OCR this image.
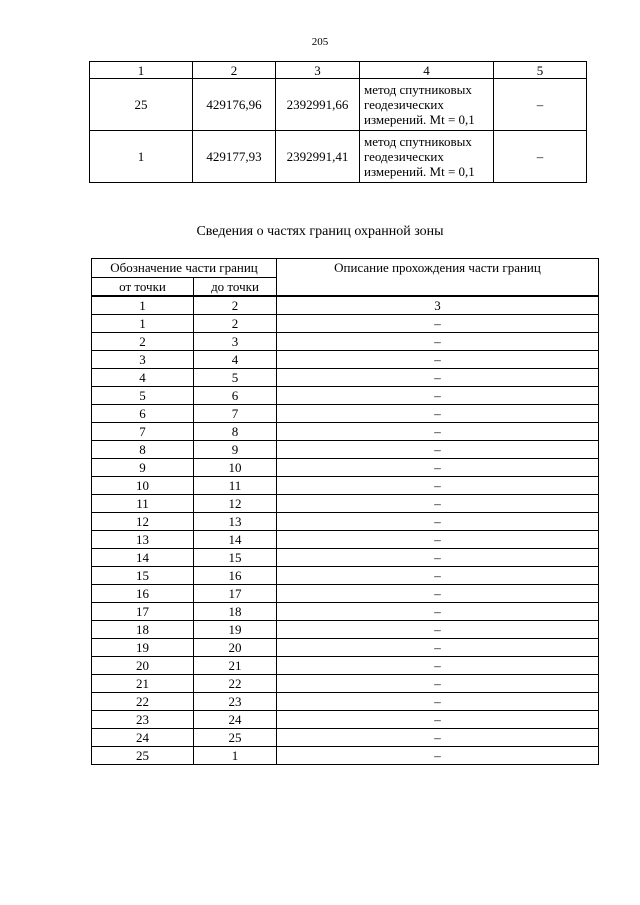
205
1	2	3	4	5
25	429176,96	2392991,66	метод спутниковых
геодезических
измерений. Mt = 0,1	–
1	429177,93	2392991,41	метод спутниковых
геодезических
измерений. Mt = 0,1	–
Сведения о частях границ охранной зоны
Обозначение части границ		Описание прохождения части границ
от точки	до точки	
1	2	3
1	2	–
2	3	–
3	4	–
4	5	–
5	6	–
6	7	–
7	8	–
8	9	–
9	10	–
10	11	–
11	12	–
12	13	–
13	14	–
14	15	–
15	16	–
16	17	–
17	18	–
18	19	–
19	20	–
20	21	–
21	22	–
22	23	–
23	24	–
24	25	–
25	1	–
